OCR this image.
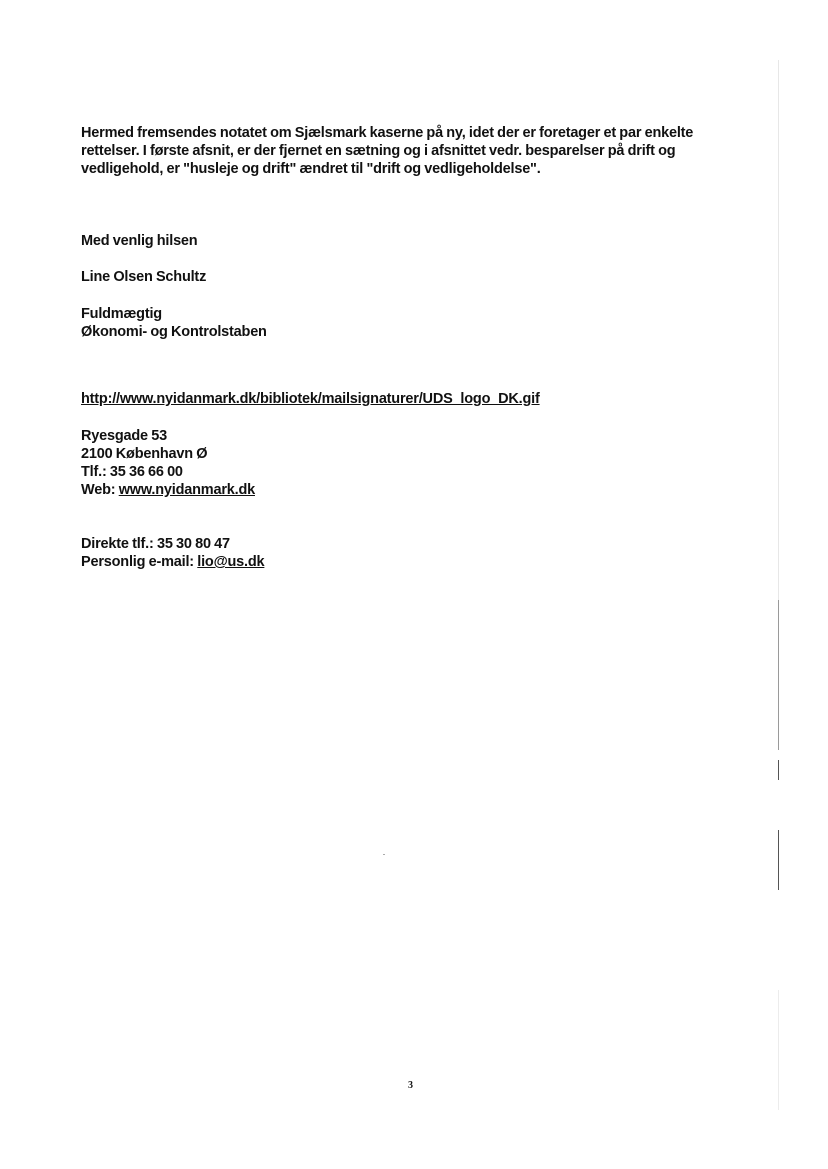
Hermed fremsendes notatet om Sjælsmark kaserne på ny, idet der er foretager et par enkelte
rettelser. I første afsnit, er der fjernet en sætning og i afsnittet vedr. besparelser på drift og
vedligehold, er "husleje og drift" ændret til "drift og vedligeholdelse".
Med venlig hilsen
Line Olsen Schultz
Fuldmægtig
Økonomi- og Kontrolstaben
http://www.nyidanmark.dk/bibliotek/mailsignaturer/UDS_logo_DK.gif
Ryesgade 53
2100 København Ø
Tlf.: 35 36 66 00
Web: www.nyidanmark.dk
Direkte tlf.: 35 30 80 47
Personlig e-mail: lio@us.dk
3
